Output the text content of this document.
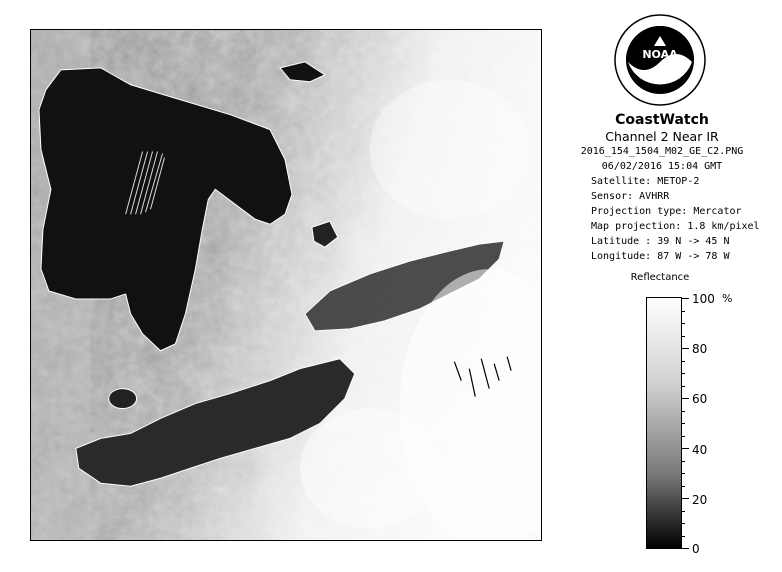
NOAA
CoastWatch
Channel 2 Near IR
2016_154_1504_M02_GE_C2.PNG
06/02/2016 15:04 GMT
Satellite: METOP-2
Sensor: AVHRR
Projection type: Mercator
Map projection: 1.8 km/pixel
Latitude : 39 N -> 45 N
Longitude: 87 W -> 78 W
Reflectance
%
100
80
60
40
20
0
